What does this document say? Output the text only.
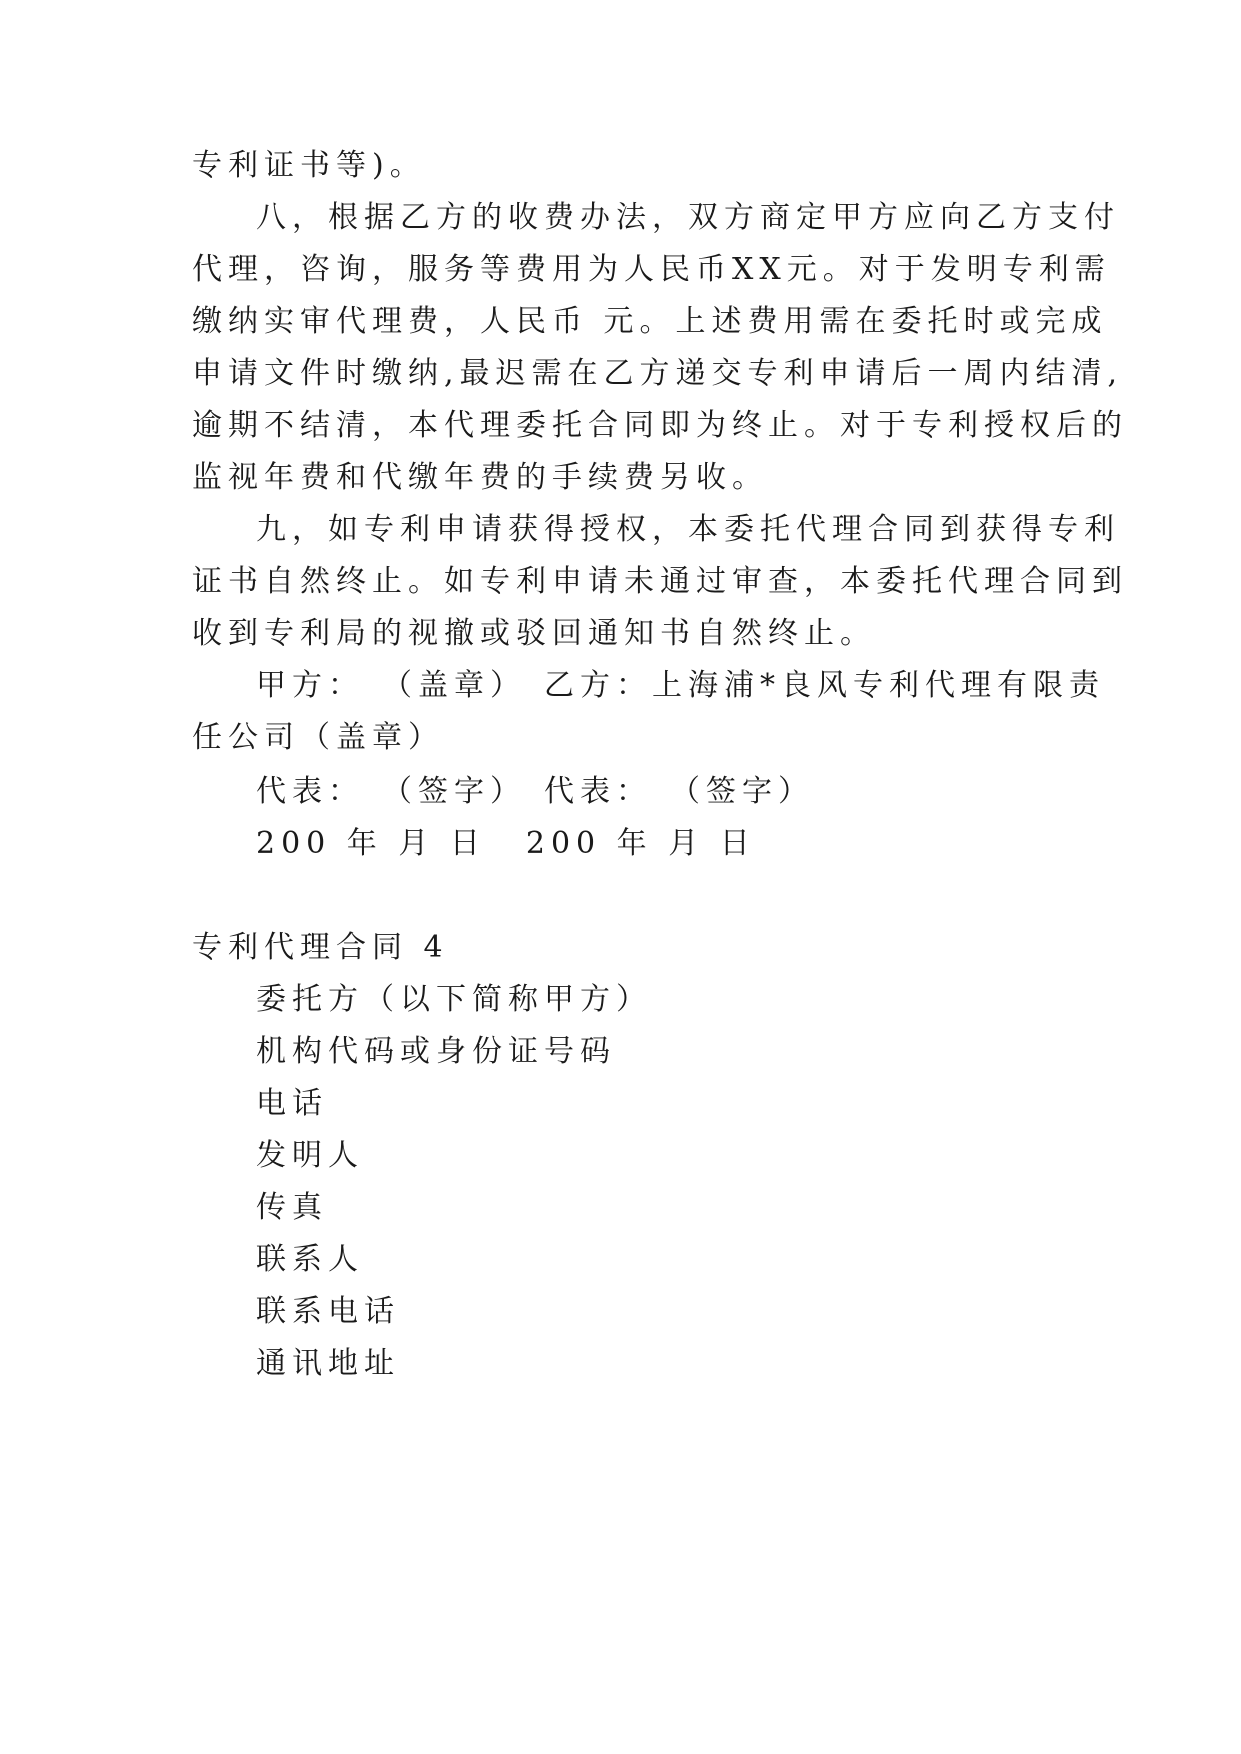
专利证书等)。
八，根据乙方的收费办法，双方商定甲方应向乙方支付
代理，咨询，服务等费用为人民币XX元。对于发明专利需
缴纳实审代理费，人民币 元。上述费用需在委托时或完成
申请文件时缴纳,最迟需在乙方递交专利申请后一周内结清,
逾期不结清，本代理委托合同即为终止。对于专利授权后的
监视年费和代缴年费的手续费另收。
九，如专利申请获得授权，本委托代理合同到获得专利
证书自然终止。如专利申请未通过审查，本委托代理合同到
收到专利局的视撤或驳回通知书自然终止。
甲方： （盖章） 乙方：上海浦*良风专利代理有限责
任公司（盖章）
代表： （签字） 代表： （签字）
200 年 月 日 200 年 月 日
专利代理合同 4
委托方（以下简称甲方）
机构代码或身份证号码
电话
发明人
传真
联系人
联系电话
通讯地址
